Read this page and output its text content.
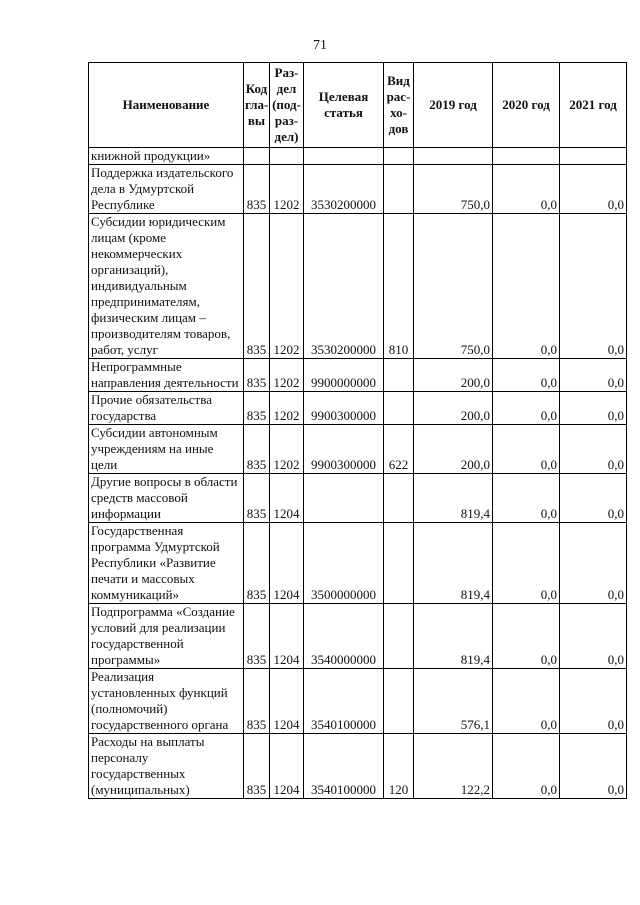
71
Наименование	Код гла-вы	Раз-дел (под-раз-дел)	Целевая статья	Вид рас-хо-дов	2019 год	2020 год	2021 год
книжной продукции»							
Поддержка издательского дела в Удмуртской Республике	835	1202	3530200000		750,0	0,0	0,0
Субсидии юридическим лицам (кроме некоммерческих организаций), индивидуальным предпринимателям, физическим лицам – производителям товаров, работ, услуг	835	1202	3530200000	810	750,0	0,0	0,0
Непрограммные направления деятельности	835	1202	9900000000		200,0	0,0	0,0
Прочие обязательства государства	835	1202	9900300000		200,0	0,0	0,0
Субсидии автономным учреждениям на иные цели	835	1202	9900300000	622	200,0	0,0	0,0
Другие вопросы в области средств массовой информации	835	1204			819,4	0,0	0,0
Государственная программа Удмуртской Республики «Развитие печати и массовых коммуникаций»	835	1204	3500000000		819,4	0,0	0,0
Подпрограмма «Создание условий для реализации государственной программы»	835	1204	3540000000		819,4	0,0	0,0
Реализация установленных функций (полномочий) государственного органа	835	1204	3540100000		576,1	0,0	0,0
Расходы на выплаты персоналу государственных (муниципальных)	835	1204	3540100000	120	122,2	0,0	0,0
